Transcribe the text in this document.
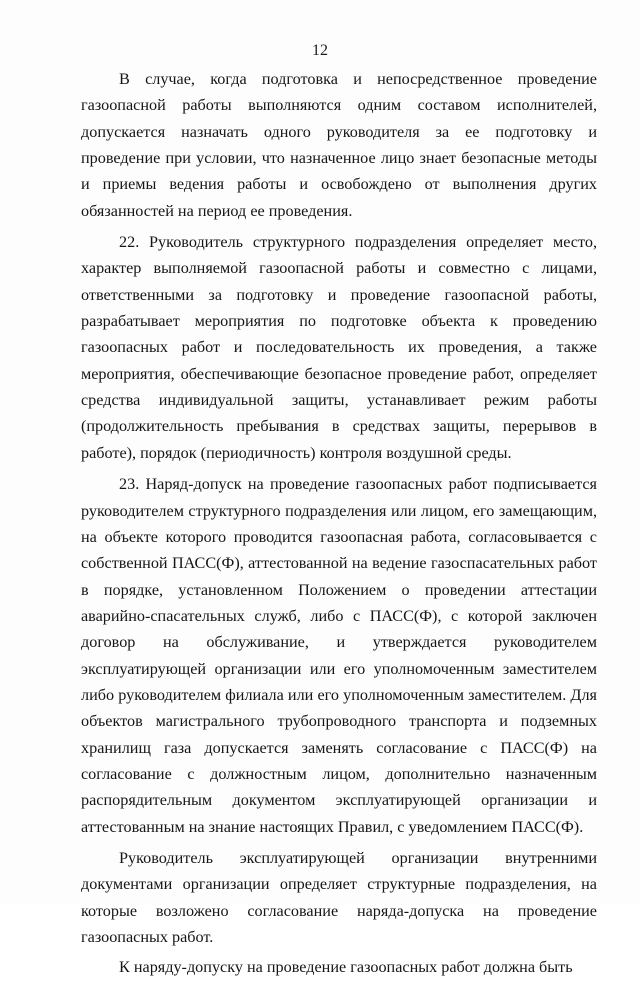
12

В случае, когда подготовка и непосредственное проведение газоопасной работы выполняются одним составом исполнителей, допускается назначать одного руководителя за ее подготовку и проведение при условии, что назначенное лицо знает безопасные методы и приемы ведения работы и освобождено от выполнения других обязанностей на период ее проведения.

22. Руководитель структурного подразделения определяет место, характер выполняемой газоопасной работы и совместно с лицами, ответственными за подготовку и проведение газоопасной работы, разрабатывает мероприятия по подготовке объекта к проведению газоопасных работ и последовательность их проведения, а также мероприятия, обеспечивающие безопасное проведение работ, определяет средства индивидуальной защиты, устанавливает режим работы (продолжительность пребывания в средствах защиты, перерывов в работе), порядок (периодичность) контроля воздушной среды.

23. Наряд-допуск на проведение газоопасных работ подписывается руководителем структурного подразделения или лицом, его замещающим, на объекте которого проводится газоопасная работа, согласовывается с собственной ПАСС(Ф), аттестованной на ведение газоспасательных работ в порядке, установленном Положением о проведении аттестации аварийно-спасательных служб, либо с ПАСС(Ф), с которой заключен договор на обслуживание, и утверждается руководителем эксплуатирующей организации или его уполномоченным заместителем либо руководителем филиала или его уполномоченным заместителем. Для объектов магистрального трубопроводного транспорта и подземных хранилищ газа допускается заменять согласование с ПАСС(Ф) на согласование с должностным лицом, дополнительно назначенным распорядительным документом эксплуатирующей организации и аттестованным на знание настоящих Правил, с уведомлением ПАСС(Ф).

Руководитель эксплуатирующей организации внутренними документами организации определяет структурные подразделения, на которые возложено согласование наряда-допуска на проведение газоопасных работ.

К наряду-допуску на проведение газоопасных работ должна быть
